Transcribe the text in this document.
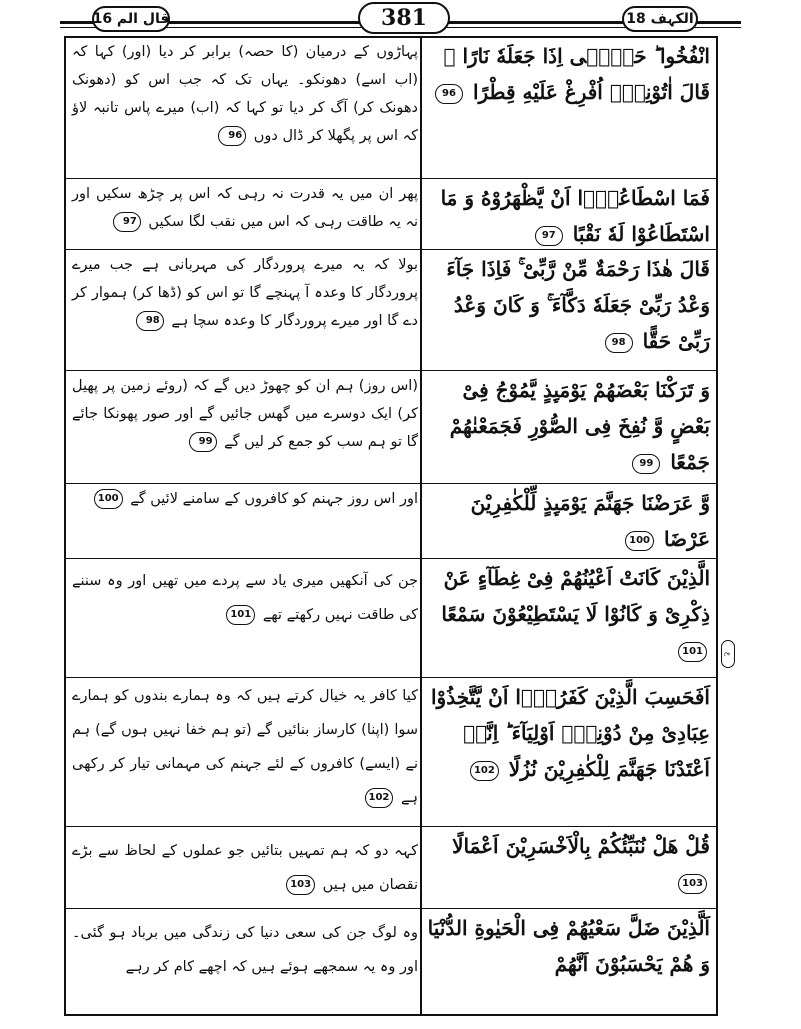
قال الم 16	381	الکہف 18
ع
انْفُخُوا ؕ حَتّٰۤى اِذَا جَعَلَهٗ نَارًا ۙ قَالَ اٰتُوْنِیْۤ اُفْرِغْ عَلَیْهِ قِطْرًا 96
پہاڑوں کے درمیان (کا حصہ) برابر کر دیا (اور) کہا کہ (اب اسے) دھونکو۔ یہاں تک کہ جب اس کو (دھونک دھونک کر) آگ کر دیا تو کہا کہ (اب) میرے پاس تانبہ لاؤ کہ اس پر پگھلا کر ڈال دوں 96
فَمَا اسْطَاعُوْۤا اَنْ یَّظْهَرُوْهُ وَ مَا اسْتَطَاعُوْا لَهٗ نَقْبًا 97
پھر ان میں یہ قدرت نہ رہی کہ اس پر چڑھ سکیں اور نہ یہ طاقت رہی کہ اس میں نقب لگا سکیں 97
قَالَ هٰذَا رَحْمَةٌ مِّنْ رَّبِّیْ ۚ فَاِذَا جَآءَ وَعْدُ رَبِّیْ جَعَلَهٗ دَكَّآءَ ۚ وَ كَانَ وَعْدُ رَبِّیْ حَقًّا 98
بولا کہ یہ میرے پروردگار کی مہربانی ہے جب میرے پروردگار کا وعدہ آ پہنچے گا تو اس کو (ڈھا کر) ہموار کر دے گا اور میرے پروردگار کا وعدہ سچا ہے 98
وَ تَرَكْنَا بَعْضَهُمْ یَوْمَىِٕذٍ یَّمُوْجُ فِیْ بَعْضٍ وَّ نُفِخَ فِی الصُّوْرِ فَجَمَعْنٰهُمْ جَمْعًا 99
(اس روز) ہم ان کو چھوڑ دیں گے کہ (روئے زمین پر پھیل کر) ایک دوسرے میں گھس جائیں گے اور صور پھونکا جائے گا تو ہم سب کو جمع کر لیں گے 99
وَّ عَرَضْنَا جَهَنَّمَ یَوْمَىِٕذٍ لِّلْكٰفِرِیْنَ عَرْضَا 100
اور اس روز جہنم کو کافروں کے سامنے لائیں گے 100
الَّذِیْنَ كَانَتْ اَعْیُنُهُمْ فِیْ غِطَآءٍ عَنْ ذِكْرِیْ وَ كَانُوْا لَا یَسْتَطِیْعُوْنَ سَمْعًا 101
جن کی آنکھیں میری یاد سے پردے میں تھیں اور وہ سننے کی طاقت نہیں رکھتے تھے 101
اَفَحَسِبَ الَّذِیْنَ كَفَرُوْۤا اَنْ یَّتَّخِذُوْا عِبَادِیْ مِنْ دُوْنِیْۤ اَوْلِیَآءَ ؕ اِنَّاۤ اَعْتَدْنَا جَهَنَّمَ لِلْكٰفِرِیْنَ نُزُلًا 102
کیا کافر یہ خیال کرتے ہیں کہ وہ ہمارے بندوں کو ہمارے سوا (اپنا) کارساز بنائیں گے (تو ہم خفا نہیں ہوں گے) ہم نے (ایسے) کافروں کے لئے جہنم کی مہمانی تیار کر رکھی ہے 102
قُلْ هَلْ نُنَبِّئُكُمْ بِالْاَخْسَرِیْنَ اَعْمَالًا 103
کہہ دو کہ ہم تمہیں بتائیں جو عملوں کے لحاظ سے بڑے نقصان میں ہیں 103
اَلَّذِیْنَ ضَلَّ سَعْیُهُمْ فِی الْحَیٰوةِ الدُّنْیَا وَ هُمْ یَحْسَبُوْنَ اَنَّهُمْ
وہ لوگ جن کی سعی دنیا کی زندگی میں برباد ہو گئی۔ اور وہ یہ سمجھے ہوئے ہیں کہ اچھے کام کر رہے
